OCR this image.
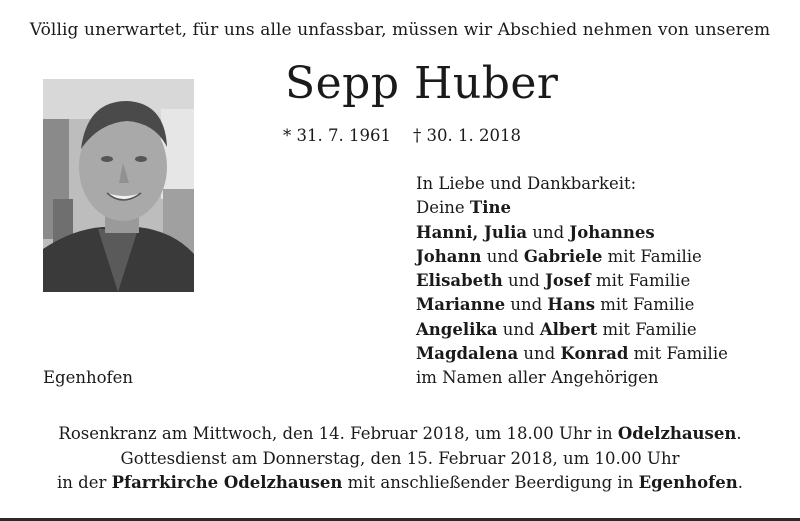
Völlig unerwartet, für uns alle unfassbar, müssen wir Abschied nehmen von unserem
Sepp Huber
* 31. 7. 1961 † 30. 1. 2018
In Liebe und Dankbarkeit:
Deine Tine
Hanni, Julia und Johannes
Johann und Gabriele mit Familie
Elisabeth und Josef mit Familie
Marianne und Hans mit Familie
Angelika und Albert mit Familie
Magdalena und Konrad mit Familie
im Namen aller Angehörigen
Egenhofen
Rosenkranz am Mittwoch, den 14. Februar 2018, um 18.00 Uhr in Odelzhausen.
Gottesdienst am Donnerstag, den 15. Februar 2018, um 10.00 Uhr
in der Pfarrkirche Odelzhausen mit anschließender Beerdigung in Egenhofen.
